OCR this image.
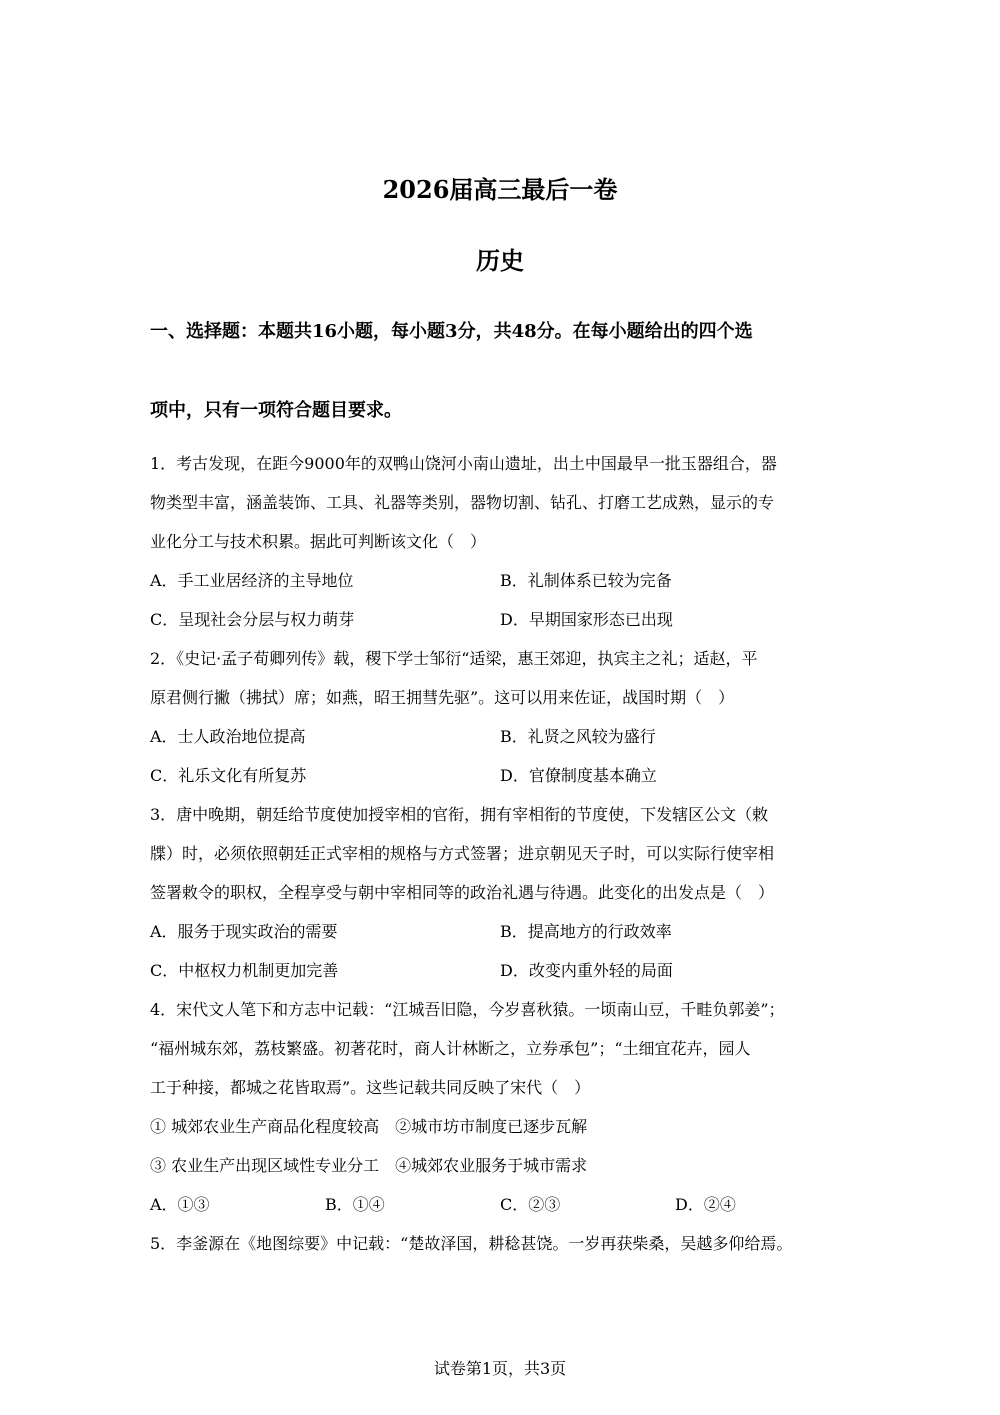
2026届高三最后一卷
历史
一、选择题：本题共16小题，每小题3分，共48分。在每小题给出的四个选
项中，只有一项符合题目要求。
1．考古发现，在距今9000年的双鸭山饶河小南山遗址，出土中国最早一批玉器组合，器
物类型丰富，涵盖装饰、工具、礼器等类别，器物切割、钻孔、打磨工艺成熟，显示的专
业化分工与技术积累。据此可判断该文化（　）
A．手工业居经济的主导地位	B．礼制体系已较为完备
C．呈现社会分层与权力萌芽	D．早期国家形态已出现
2．《史记·孟子荀卿列传》载，稷下学士邹衍“适梁，惠王郊迎，执宾主之礼；适赵，平
原君侧行撇（拂拭）席；如燕，昭王拥彗先驱”。这可以用来佐证，战国时期（　）
A．士人政治地位提高	B．礼贤之风较为盛行
C．礼乐文化有所复苏	D．官僚制度基本确立
3．唐中晚期，朝廷给节度使加授宰相的官衔，拥有宰相衔的节度使，下发辖区公文（敕
牒）时，必须依照朝廷正式宰相的规格与方式签署；进京朝见天子时，可以实际行使宰相
签署敕令的职权，全程享受与朝中宰相同等的政治礼遇与待遇。此变化的出发点是（　）
A．服务于现实政治的需要	B．提高地方的行政效率
C．中枢权力机制更加完善	D．改变内重外轻的局面
4．宋代文人笔下和方志中记载：“江城吾旧隐，今岁喜秋猿。一顷南山豆，千畦负郭姜”；
“福州城东郊，荔枝繁盛。初著花时，商人计林断之，立券承包”；“土细宜花卉，园人
工于种接，都城之花皆取焉”。这些记载共同反映了宋代（　）
① 城郊农业生产商品化程度较高　②城市坊市制度已逐步瓦解
③ 农业生产出现区域性专业分工　④城郊农业服务于城市需求
A．①③	B．①④	C．②③	D．②④
5．李釜源在《地图综要》中记载：“楚故泽国，耕稔甚饶。一岁再获柴桑，吴越多仰给焉。
试卷第1页，共3页
